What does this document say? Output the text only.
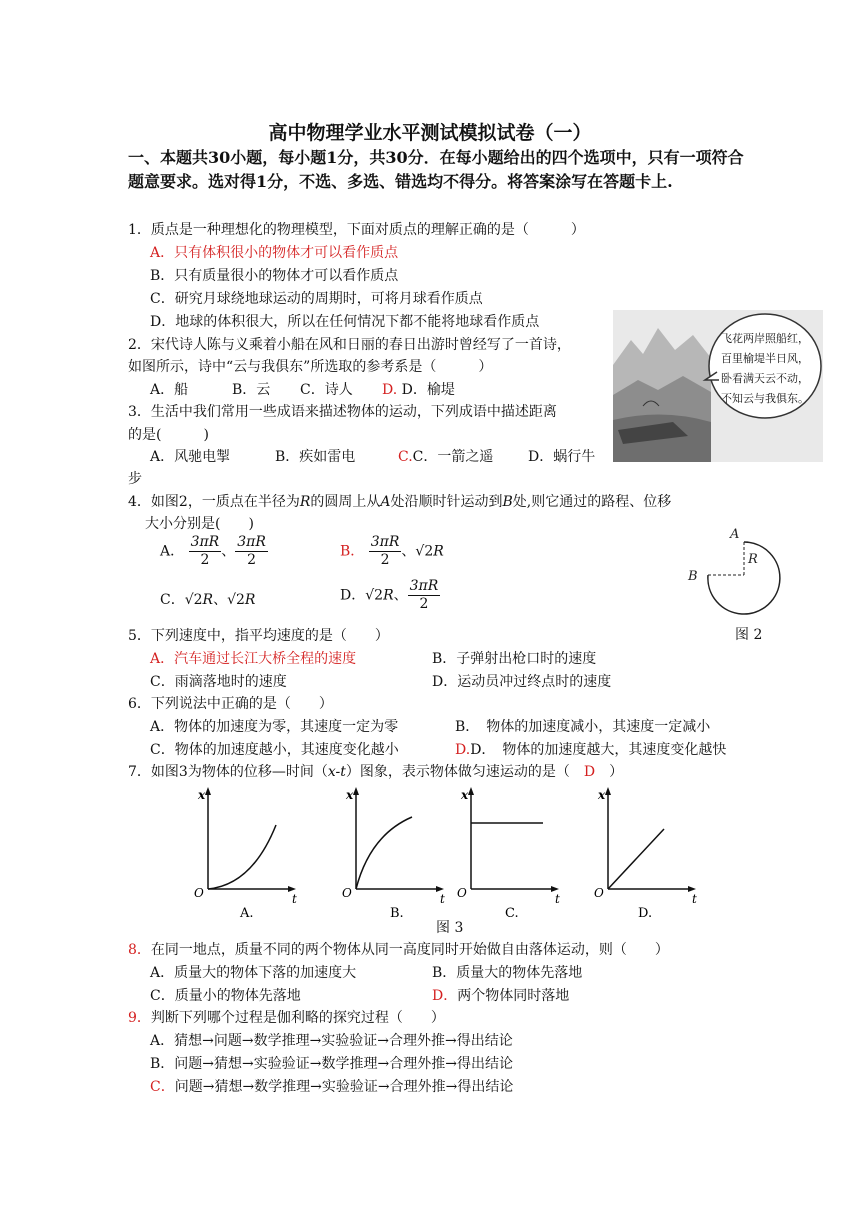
高中物理学业水平测试模拟试卷（一）
一、本题共30小题，每小题1分，共30分．在每小题给出的四个选项中，只有一项符合题意要求。选对得1分，不选、多选、错选均不得分。将答案涂写在答题卡上.
1．质点是一种理想化的物理模型，下面对质点的理解正确的是（　　　）
A．只有体积很小的物体才可以看作质点
B．只有质量很小的物体才可以看作质点
C．研究月球绕地球运动的周期时，可将月球看作质点
D．地球的体积很大，所以在任何情况下都不能将地球看作质点
2．宋代诗人陈与义乘着小船在风和日丽的春日出游时曾经写了一首诗，
如图所示，诗中“云与我俱东”所选取的参考系是（　　　）
A．船	B．云 C．诗人 D. D．榆堤
飞花两岸照船红，
百里榆堤半日风，
卧看满天云不动，
不知云与我俱东。
3．生活中我们常用一些成语来描述物体的运动，下列成语中描述距离
的是(　　　)
A．风驰电掣	B．疾如雷电	C.C．一箭之遥 D．蜗行牛
步
4．如图2，一质点在半径为R的圆周上从A处沿顺时针运动到B处,则它通过的路程、位移
大小分别是(　　)
A． $\frac{3\pi R}{2}$ 、 $\frac{3\pi R}{2}$	B． $\frac{3\pi R}{2}$ 、√2R
C．√2R、√2R	D．√2R、 $\frac{3\pi R}{2}$
A
R
B
图 2
5．下列速度中，指平均速度的是（　　）
A．汽车通过长江大桥全程的速度	B．子弹射出枪口时的速度
C．雨滴落地时的速度	D．运动员冲过终点时的速度
6．下列说法中正确的是（　　）
A．物体的加速度为零，其速度一定为零	B．　物体的加速度减小，其速度一定减小
C．物体的加速度越小，其速度变化越小	D.D．　物体的加速度越大，其速度变化越快
7．如图3为物体的位移—时间（x-t）图象，表示物体做匀速运动的是（　D　）
x
t
O
A.
x
t
O
B.
x
t
O
C.
x
t
O
D.
图 3
8．在同一地点，质量不同的两个物体从同一高度同时开始做自由落体运动，则（　　）
A．质量大的物体下落的加速度大	B．质量大的物体先落地
C．质量小的物体先落地	D．两个物体同时落地
9．判断下列哪个过程是伽利略的探究过程（　　）
A．猜想→问题→数学推理→实验验证→合理外推→得出结论
B．问题→猜想→实验验证→数学推理→合理外推→得出结论
C．问题→猜想→数学推理→实验验证→合理外推→得出结论
